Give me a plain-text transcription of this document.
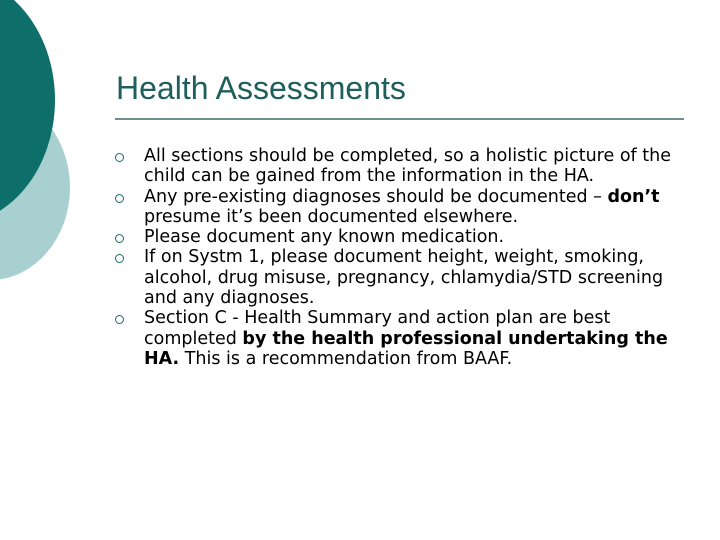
Health Assessments
All sections should be completed, so a holistic picture of the child can be gained from the information in the HA.
Any pre-existing diagnoses should be documented – don’t presume it’s been documented elsewhere.
Please document any known medication.
If on Systm 1, please document height, weight, smoking, alcohol, drug misuse, pregnancy, chlamydia/STD screening and any diagnoses.
Section C - Health Summary and action plan are best completed by the health professional undertaking the HA. This is a recommendation from BAAF.
